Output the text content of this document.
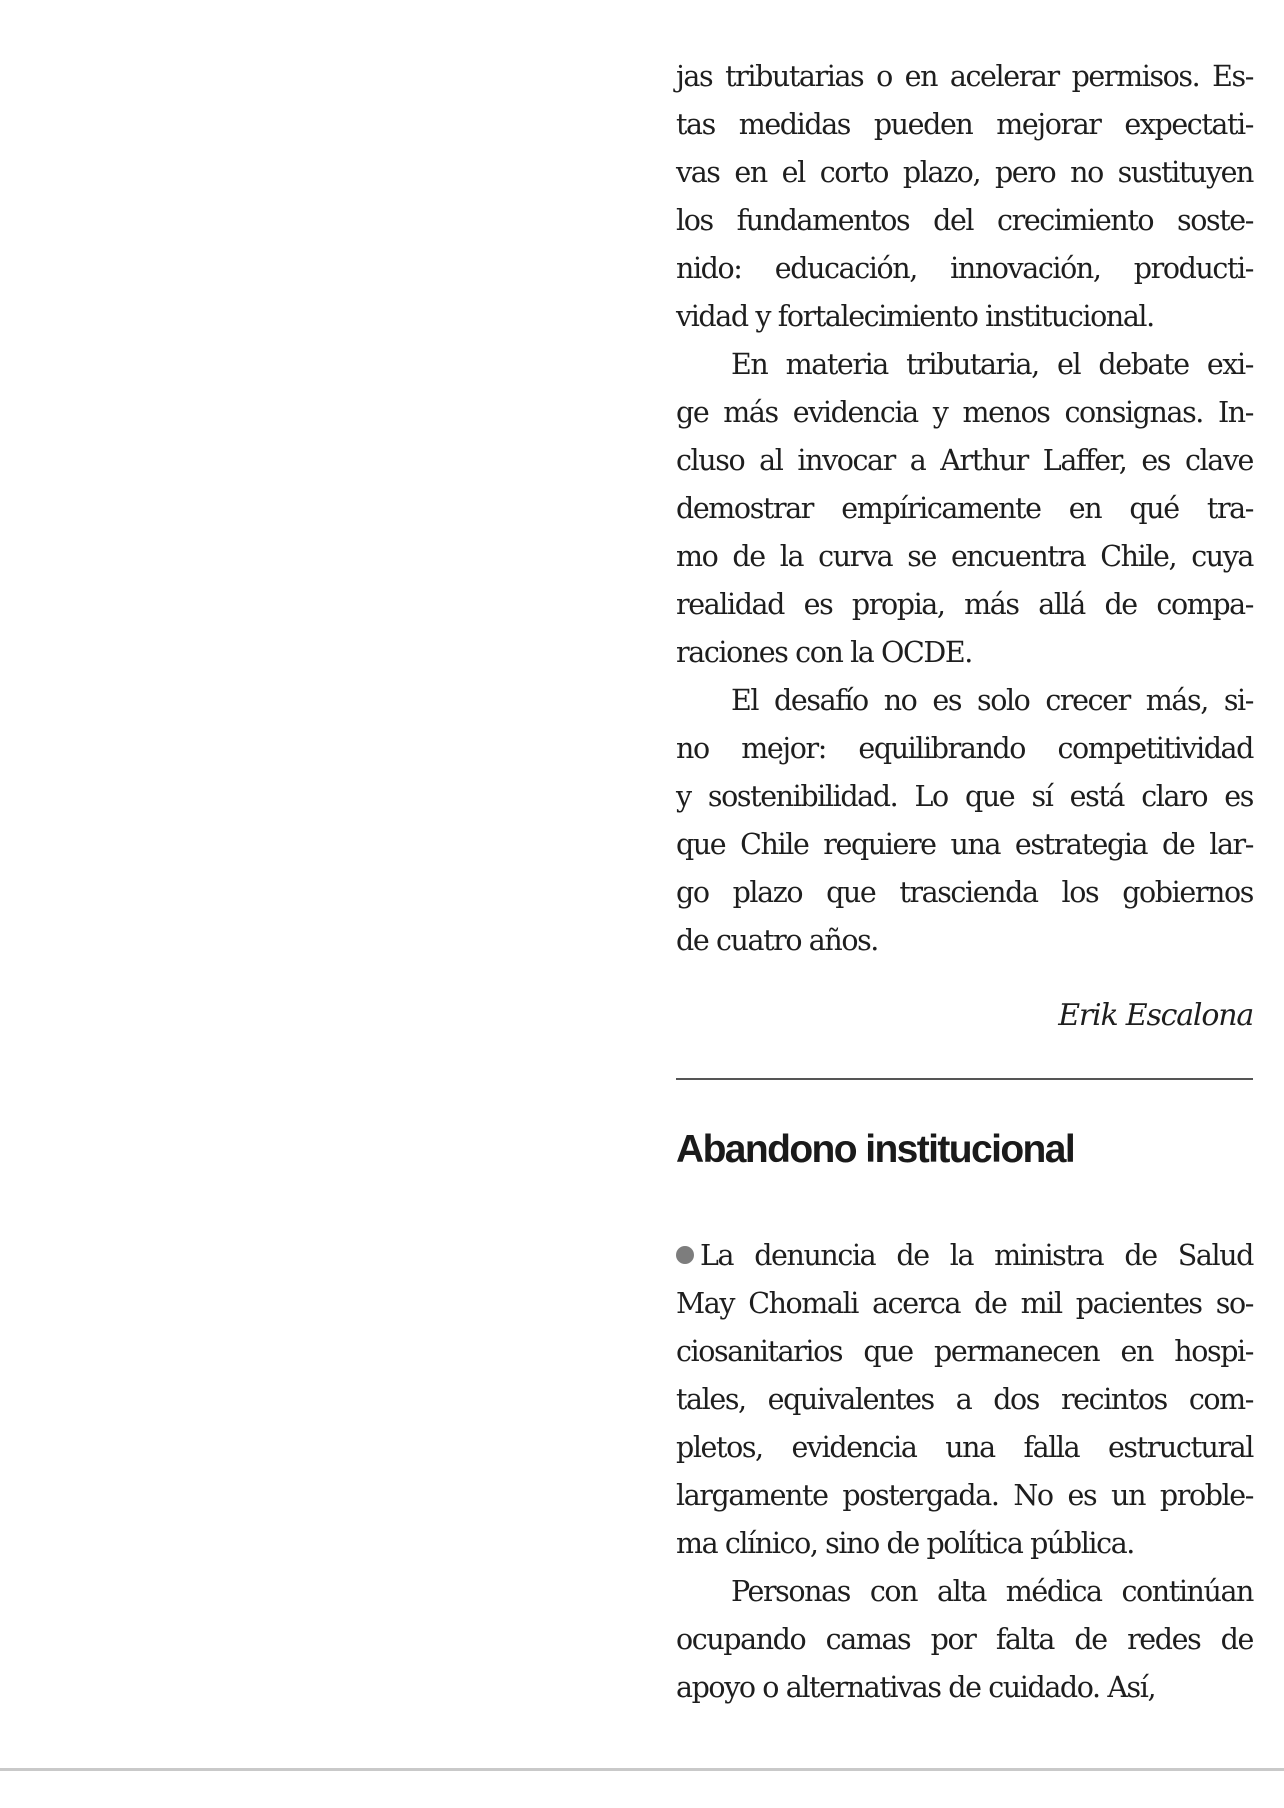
jas tributarias o en acelerar permisos. Es-
tas medidas pueden mejorar expectati-
vas en el corto plazo, pero no sustituyen
los fundamentos del crecimiento soste-
nido: educación, innovación, producti-
vidad y fortalecimiento institucional.
En materia tributaria, el debate exi-
ge más evidencia y menos consignas. In-
cluso al invocar a Arthur Laffer, es clave
demostrar empíricamente en qué tra-
mo de la curva se encuentra Chile, cuya
realidad es propia, más allá de compa-
raciones con la OCDE.
El desafío no es solo crecer más, si-
no mejor: equilibrando competitividad
y sostenibilidad. Lo que sí está claro es
que Chile requiere una estrategia de lar-
go plazo que trascienda los gobiernos
de cuatro años.
Erik Escalona
Abandono institucional
La denuncia de la ministra de Salud
May Chomali acerca de mil pacientes so-
ciosanitarios que permanecen en hospi-
tales, equivalentes a dos recintos com-
pletos, evidencia una falla estructural
largamente postergada. No es un proble-
ma clínico, sino de política pública.
Personas con alta médica continúan
ocupando camas por falta de redes de
apoyo o alternativas de cuidado. Así,
